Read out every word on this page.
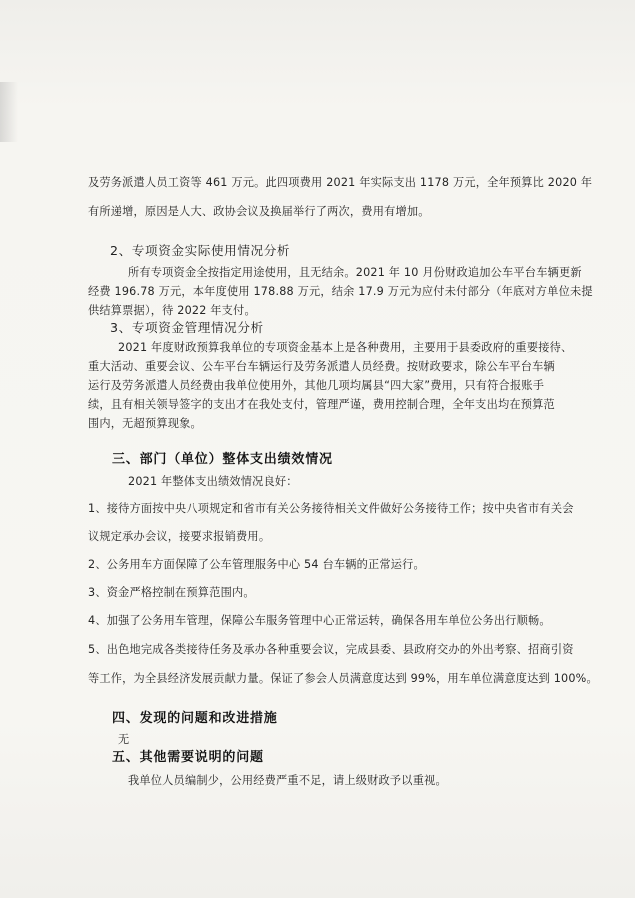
及劳务派遣人员工资等 461 万元。此四项费用 2021 年实际支出 1178 万元，全年预算比 2020 年
有所递增，原因是人大、政协会议及换届举行了两次，费用有增加。
2、专项资金实际使用情况分析
所有专项资金全按指定用途使用，且无结余。2021 年 10 月份财政追加公车平台车辆更新
经费 196.78 万元，本年度使用 178.88 万元，结余 17.9 万元为应付未付部分（年底对方单位未提
供结算票据），待 2022 年支付。
3、专项资金管理情况分析
2021 年度财政预算我单位的专项资金基本上是各种费用，主要用于县委政府的重要接待、
重大活动、重要会议、公车平台车辆运行及劳务派遣人员经费。按财政要求，除公车平台车辆
运行及劳务派遣人员经费由我单位使用外，其他几项均属县“四大家”费用，只有符合报账手
续，且有相关领导签字的支出才在我处支付，管理严谨，费用控制合理，全年支出均在预算范
围内，无超预算现象。
三、部门（单位）整体支出绩效情况
2021 年整体支出绩效情况良好：
1、接待方面按中央八项规定和省市有关公务接待相关文件做好公务接待工作；按中央省市有关会
议规定承办会议，接要求报销费用。
2、公务用车方面保障了公车管理服务中心 54 台车辆的正常运行。
3、资金严格控制在预算范围内。
4、加强了公务用车管理，保障公车服务管理中心正常运转，确保各用车单位公务出行顺畅。
5、出色地完成各类接待任务及承办各种重要会议，完成县委、县政府交办的外出考察、招商引资
等工作，为全县经济发展贡献力量。保证了参会人员满意度达到 99%，用车单位满意度达到 100%。
四、发现的问题和改进措施
无
五、其他需要说明的问题
我单位人员编制少，公用经费严重不足，请上级财政予以重视。
